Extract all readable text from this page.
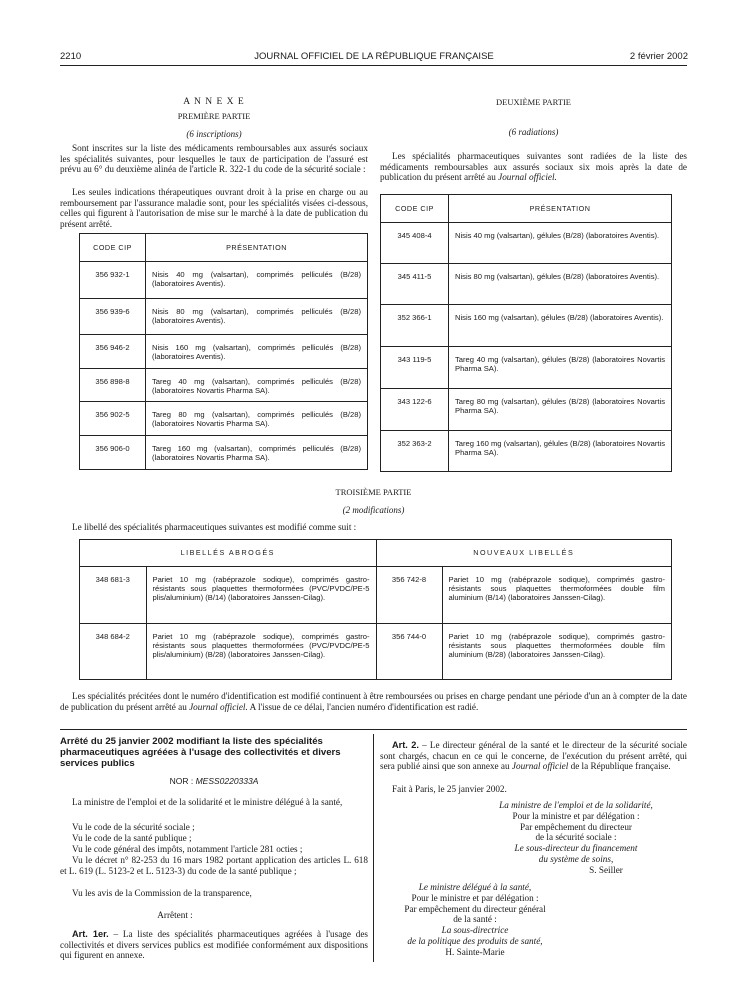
2210	JOURNAL OFFICIEL DE LA RÉPUBLIQUE FRANÇAISE	2 février 2002
A N N E X E
PREMIÈRE PARTIE
(6 inscriptions)

Sont inscrites sur la liste des médicaments remboursables aux assurés sociaux les spécialités suivantes, pour lesquelles le taux de participation de l'assuré est prévu au 6° du deuxième alinéa de l'article R. 322-1 du code de la sécurité sociale :

Les seules indications thérapeutiques ouvrant droit à la prise en charge ou au remboursement par l'assurance maladie sont, pour les spécialités visées ci-dessous, celles qui figurent à l'autorisation de mise sur le marché à la date de publication du présent arrêté.

CODE CIP	PRÉSENTATION
356 932-1	Nisis 40 mg (valsartan), comprimés pelliculés (B/28) (laboratoires Aventis).
356 939-6	Nisis 80 mg (valsartan), comprimés pelliculés (B/28) (laboratoires Aventis).
356 946-2	Nisis 160 mg (valsartan), comprimés pelliculés (B/28) (laboratoires Aventis).
356 898-8	Tareg 40 mg (valsartan), comprimés pelliculés (B/28) (laboratoires Novartis Pharma SA).
356 902-5	Tareg 80 mg (valsartan), comprimés pelliculés (B/28) (laboratoires Novartis Pharma SA).
356 906-0	Tareg 160 mg (valsartan), comprimés pelliculés (B/28) (laboratoires Novartis Pharma SA).
DEUXIÈME PARTIE
(6 radiations)

Les spécialités pharmaceutiques suivantes sont radiées de la liste des médicaments remboursables aux assurés sociaux six mois après la date de publication du présent arrêté au Journal officiel.

CODE CIP	PRÉSENTATION
345 408-4	Nisis 40 mg (valsartan), gélules (B/28) (laboratoires Aventis).
345 411-5	Nisis 80 mg (valsartan), gélules (B/28) (laboratoires Aventis).
352 366-1	Nisis 160 mg (valsartan), gélules (B/28) (laboratoires Aventis).
343 119-5	Tareg 40 mg (valsartan), gélules (B/28) (laboratoires Novartis Pharma SA).
343 122-6	Tareg 80 mg (valsartan), gélules (B/28) (laboratoires Novartis Pharma SA).
352 363-2	Tareg 160 mg (valsartan), gélules (B/28) (laboratoires Novartis Pharma SA).
TROISIÈME PARTIE
(2 modifications)

Le libellé des spécialités pharmaceutiques suivantes est modifié comme suit :

LIBELLÉS ABROGÉS		NOUVEAUX LIBELLÉS	
348 681-3	Pariet 10 mg (rabéprazole sodique), comprimés gastro-résistants sous plaquettes thermoformées (PVC/PVDC/PE-5 plis/aluminium) (B/14) (laboratoires Janssen-Cilag).	356 742-8	Pariet 10 mg (rabéprazole sodique), comprimés gastro-résistants sous plaquettes thermoformées double film aluminium (B/14) (laboratoires Janssen-Cilag).
348 684-2	Pariet 10 mg (rabéprazole sodique), comprimés gastro-résistants sous plaquettes thermoformées (PVC/PVDC/PE-5 plis/aluminium) (B/28) (laboratoires Janssen-Cilag).	356 744-0	Pariet 10 mg (rabéprazole sodique), comprimés gastro-résistants sous plaquettes thermoformées double film aluminium (B/28) (laboratoires Janssen-Cilag).

Les spécialités précitées dont le numéro d'identification est modifié continuent à être remboursées ou prises en charge pendant une période d'un an à compter de la date de publication du présent arrêté au Journal officiel. A l'issue de ce délai, l'ancien numéro d'identification est radié.

Arrêté du 25 janvier 2002 modifiant la liste des spécialités pharmaceutiques agréées à l'usage des collectivités et divers services publics
NOR : MESS0220333A

La ministre de l'emploi et de la solidarité et le ministre délégué à la santé,

Vu le code de la sécurité sociale ;

Vu le code de la santé publique ;

Vu le code général des impôts, notamment l'article 281 octies ;

Vu le décret n° 82-253 du 16 mars 1982 portant application des articles L. 618 et L. 619 (L. 5123-2 et L. 5123-3) du code de la santé publique ;

Vu les avis de la Commission de la transparence,

Arrêtent :

Art. 1er. – La liste des spécialités pharmaceutiques agréées à l'usage des collectivités et divers services publics est modifiée conformément aux dispositions qui figurent en annexe.

Art. 2. – Le directeur général de la santé et le directeur de la sécurité sociale sont chargés, chacun en ce qui le concerne, de l'exécution du présent arrêté, qui sera publié ainsi que son annexe au Journal officiel de la République française.

Fait à Paris, le 25 janvier 2002.

La ministre de l'emploi et de la solidarité,
Pour la ministre et par délégation :
Par empêchement du directeur
de la sécurité sociale :
Le sous-directeur du financement
du système de soins,
S. Seiller
Le ministre délégué à la santé,
Pour le ministre et par délégation :
Par empêchement du directeur général
de la santé :
La sous-directrice
de la politique des produits de santé,
H. Sainte-Marie
